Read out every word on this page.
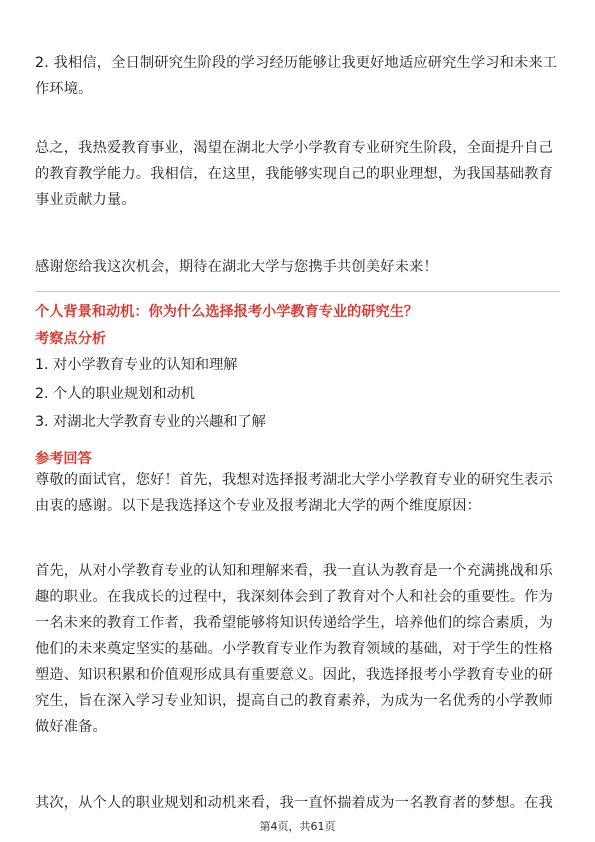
2. 我相信，全日制研究生阶段的学习经历能够让我更好地适应研究生学习和未来工
作环境。
总之，我热爱教育事业，渴望在湖北大学小学教育专业研究生阶段，全面提升自己
的教育教学能力。我相信，在这里，我能够实现自己的职业理想，为我国基础教育
事业贡献力量。
感谢您给我这次机会，期待在湖北大学与您携手共创美好未来！
个人背景和动机：你为什么选择报考小学教育专业的研究生？
考察点分析
1. 对小学教育专业的认知和理解
2. 个人的职业规划和动机
3. 对湖北大学教育专业的兴趣和了解
参考回答
尊敬的面试官，您好！首先，我想对选择报考湖北大学小学教育专业的研究生表示
由衷的感谢。以下是我选择这个专业及报考湖北大学的两个维度原因：
首先，从对小学教育专业的认知和理解来看，我一直认为教育是一个充满挑战和乐
趣的职业。在我成长的过程中，我深刻体会到了教育对个人和社会的重要性。作为
一名未来的教育工作者，我希望能够将知识传递给学生，培养他们的综合素质，为
他们的未来奠定坚实的基础。小学教育专业作为教育领域的基础，对于学生的性格
塑造、知识积累和价值观形成具有重要意义。因此，我选择报考小学教育专业的研
究生，旨在深入学习专业知识，提高自己的教育素养，为成为一名优秀的小学教师
做好准备。
其次，从个人的职业规划和动机来看，我一直怀揣着成为一名教育者的梦想。在我
第4页，共61页
